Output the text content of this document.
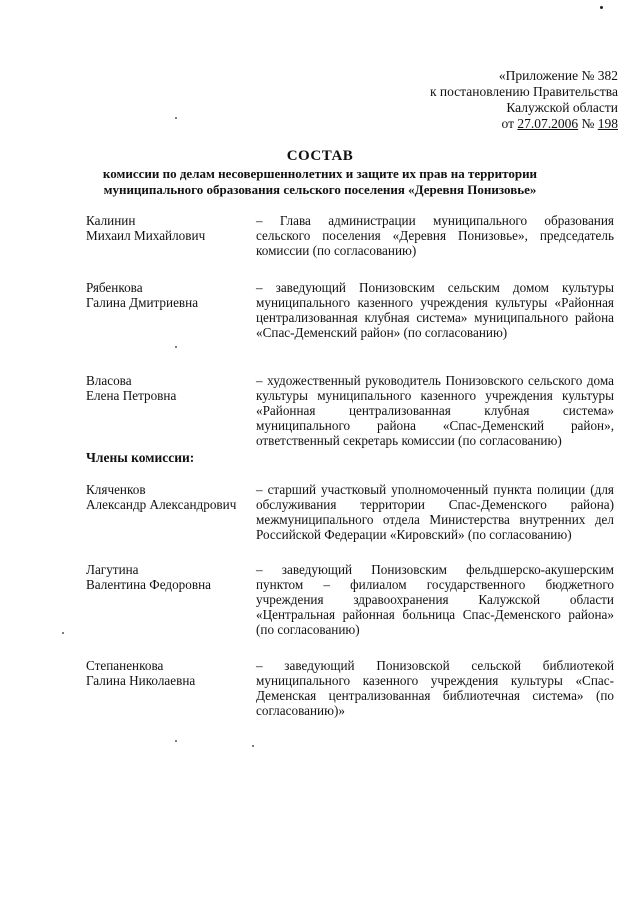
«Приложение № 382
к постановлению Правительства
Калужской области
от 27.07.2006 № 198
СОСТАВ
комиссии по делам несовершеннолетних и защите их прав на территории муниципального образования сельского поселения «Деревня Понизовье»
Калинин
Михаил Михайлович
– Глава администрации муниципального образования сельского поселения «Деревня Понизовье», председатель комиссии (по согласованию)
Рябенкова
Галина Дмитриевна
– заведующий Понизовским сельским домом культуры муниципального казенного учреждения культуры «Районная централизованная клубная система» муниципального района «Спас-Деменский район» (по согласованию)
Власова
Елена Петровна
– художественный руководитель Понизовского сельского дома культуры муниципального казенного учреждения культуры «Районная централизованная клубная система» муниципального района «Спас-Деменский район», ответственный секретарь комиссии (по согласованию)
Члены комиссии:
Кляченков
Александр Александрович
– старший участковый уполномоченный пункта полиции (для обслуживания территории Спас-Деменского района) межмуниципального отдела Министерства внутренних дел Российской Федерации «Кировский» (по согласованию)
Лагутина
Валентина Федоровна
– заведующий Понизовским фельдшерско-акушерским пунктом – филиалом государственного бюджетного учреждения здравоохранения Калужской области «Центральная районная больница Спас-Деменского района» (по согласованию)
Степаненкова
Галина Николаевна
– заведующий Понизовской сельской библиотекой муниципального казенного учреждения культуры «Спас-Деменская централизованная библиотечная система» (по согласованию)»
